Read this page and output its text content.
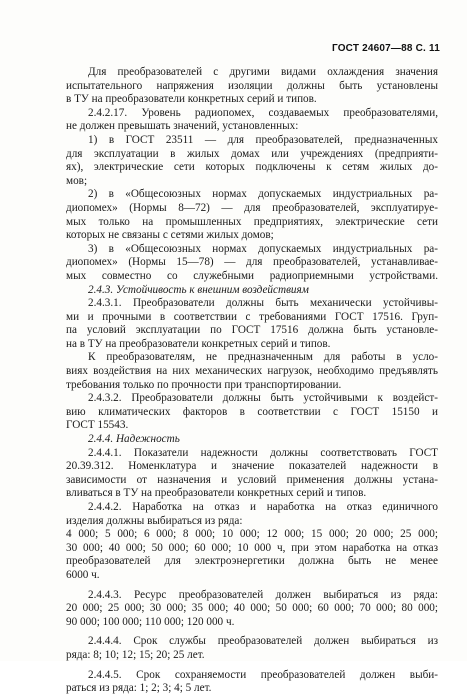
ГОСТ 24607—88 С. 11
Для преобразователей с другими видами охлаждения значения
испытательного напряжения изоляции должны быть установлены
в ТУ на преобразователи конкретных серий и типов.
2.4.2.17. Уровень радиопомех, создаваемых преобразователями,
не должен превышать значений, установленных:
1) в ГОСТ 23511 — для преобразователей, предназначенных
для эксплуатации в жилых домах или учреждениях (предприяти-
ях), электрические сети которых подключены к сетям жилых до-
мов;
2) в «Общесоюзных нормах допускаемых индустриальных ра-
диопомех» (Нормы 8—72) — для преобразователей, эксплуатируе-
мых только на промышленных предприятиях, электрические сети
которых не связаны с сетями жилых домов;
3) в «Общесоюзных нормах допускаемых индустриальных ра-
диопомех» (Нормы 15—78) — для преобразователей, устанавливае-
мых совместно со служебными радиоприемными устройствами.
2.4.3. Устойчивость к внешним воздействиям
2.4.3.1. Преобразователи должны быть механически устойчивы-
ми и прочными в соответствии с требованиями ГОСТ 17516. Груп-
па условий эксплуатации по ГОСТ 17516 должна быть установле-
на в ТУ на преобразователи конкретных серий и типов.
К преобразователям, не предназначенным для работы в усло-
виях воздействия на них механических нагрузок, необходимо предъявлять
требования только по прочности при транспортировании.
2.4.3.2. Преобразователи должны быть устойчивыми к воздейст-
вию климатических факторов в соответствии с ГОСТ 15150 и
ГОСТ 15543.
2.4.4. Надежность
2.4.4.1. Показатели надежности должны соответствовать ГОСТ
20.39.312. Номенклатура и значение показателей надежности в
зависимости от назначения и условий применения должны устана-
вливаться в ТУ на преобразователи конкретных серий и типов.
2.4.4.2. Наработка на отказ и наработка на отказ единичного
изделия должны выбираться из ряда:
4 000; 5 000; 6 000; 8 000; 10 000; 12 000; 15 000; 20 000; 25 000;
30 000; 40 000; 50 000; 60 000; 10 000 ч, при этом наработка на отказ
преобразователей для электроэнергетики должна быть не менее
6000 ч.
2.4.4.3. Ресурс преобразователей должен выбираться из ряда:
20 000; 25 000; 30 000; 35 000; 40 000; 50 000; 60 000; 70 000; 80 000;
90 000; 100 000; 110 000; 120 000 ч.
2.4.4.4. Срок службы преобразователей должен выбираться из
ряда: 8; 10; 12; 15; 20; 25 лет.
2.4.4.5. Срок сохраняемости преобразователей должен выби-
раться из ряда: 1; 2; 3; 4; 5 лет.
